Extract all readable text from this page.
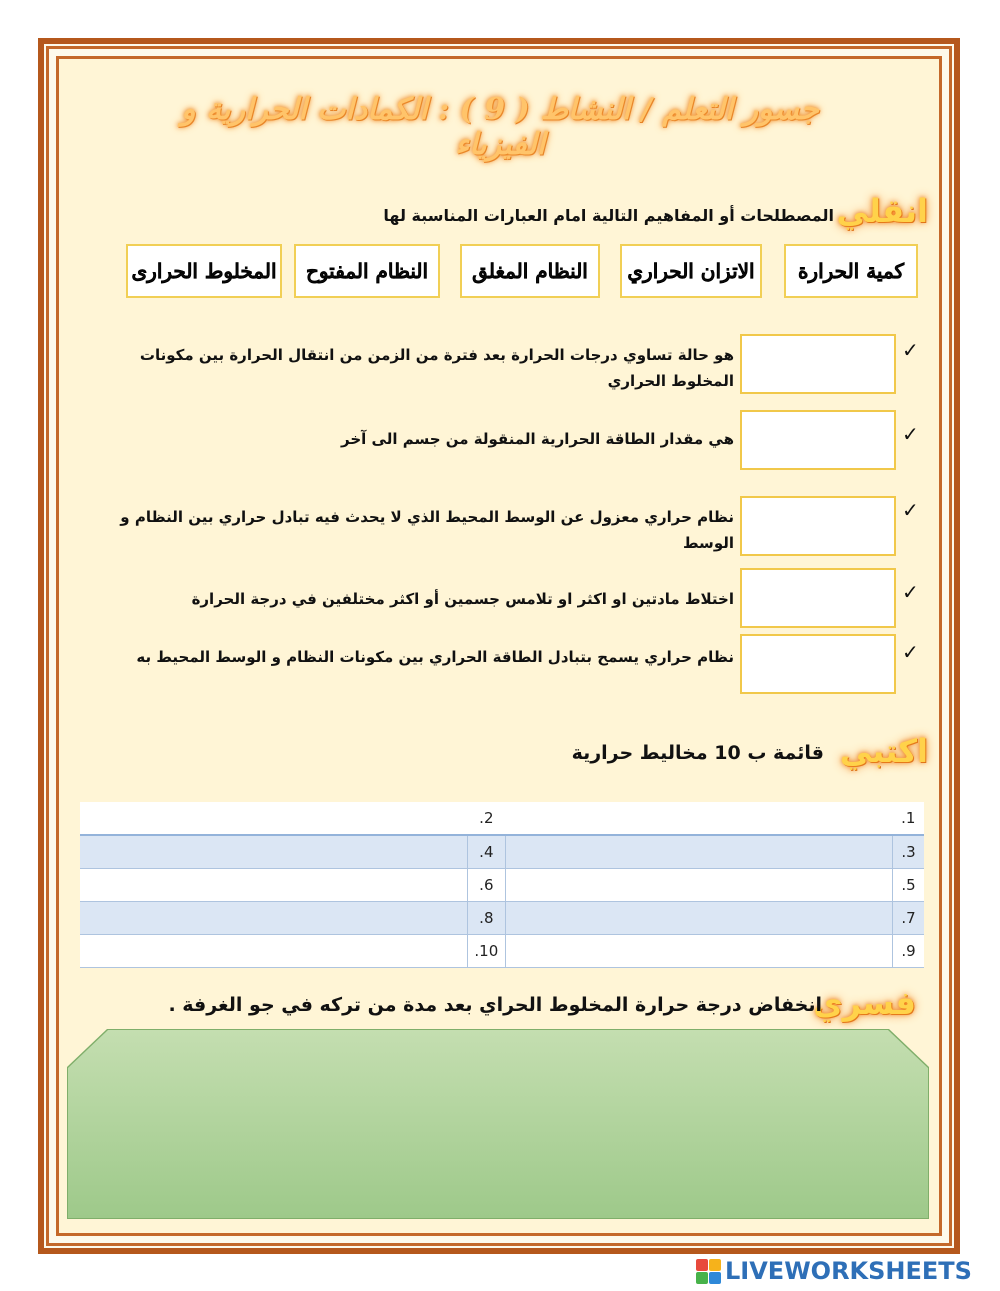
جسور التعلم / النشاط ( 9 ) : الكمادات الحرارية و الفيزياء
انقلي
المصطلحات أو المفاهيم التالية امام العبارات المناسبة لها
كمية الحرارة
الاتزان الحراري
النظام المغلق
النظام المفتوح
المخلوط الحرارى
✓
هو حالة تساوي درجات الحرارة بعد فترة من الزمن من انتقال الحرارة بين مكونات المخلوط الحراري
✓
هي مقدار الطاقة الحرارية المنقولة من جسم الى آخر
✓
نظام حراري معزول عن الوسط المحيط الذي لا يحدث فيه تبادل حراري بين النظام و الوسط
✓
اختلاط مادتين او اكثر او تلامس جسمين أو اكثر مختلفين في درجة الحرارة
✓
نظام حراري يسمح بتبادل الطاقة الحراري بين مكونات النظام و الوسط المحيط به
اكتبي
قائمة ب 10 مخاليط حرارية
1.		2.	
3.		4.	
5.		6.	
7.		8.	
9.		10.	
فسري
انخفاض درجة حرارة المخلوط الحراي بعد مدة من تركه في جو الغرفة .
LIVEWORKSHEETS
